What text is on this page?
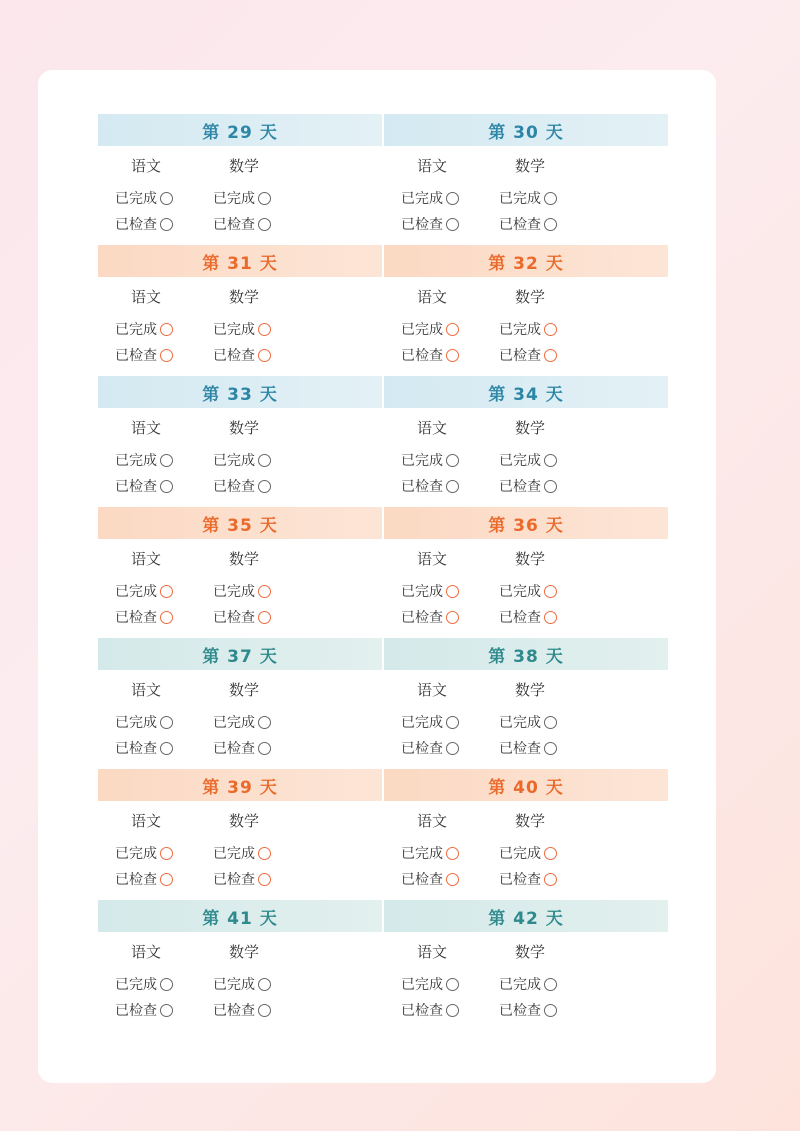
第 29 天
语文	数学
已完成	已完成
已检查	已检查
第 30 天
语文	数学
已完成	已完成
已检查	已检查
第 31 天
语文	数学
已完成	已完成
已检查	已检查
第 32 天
语文	数学
已完成	已完成
已检查	已检查
第 33 天
语文	数学
已完成	已完成
已检查	已检查
第 34 天
语文	数学
已完成	已完成
已检查	已检查
第 35 天
语文	数学
已完成	已完成
已检查	已检查
第 36 天
语文	数学
已完成	已完成
已检查	已检查
第 37 天
语文	数学
已完成	已完成
已检查	已检查
第 38 天
语文	数学
已完成	已完成
已检查	已检查
第 39 天
语文	数学
已完成	已完成
已检查	已检查
第 40 天
语文	数学
已完成	已完成
已检查	已检查
第 41 天
语文	数学
已完成	已完成
已检查	已检查
第 42 天
语文	数学
已完成	已完成
已检查	已检查
